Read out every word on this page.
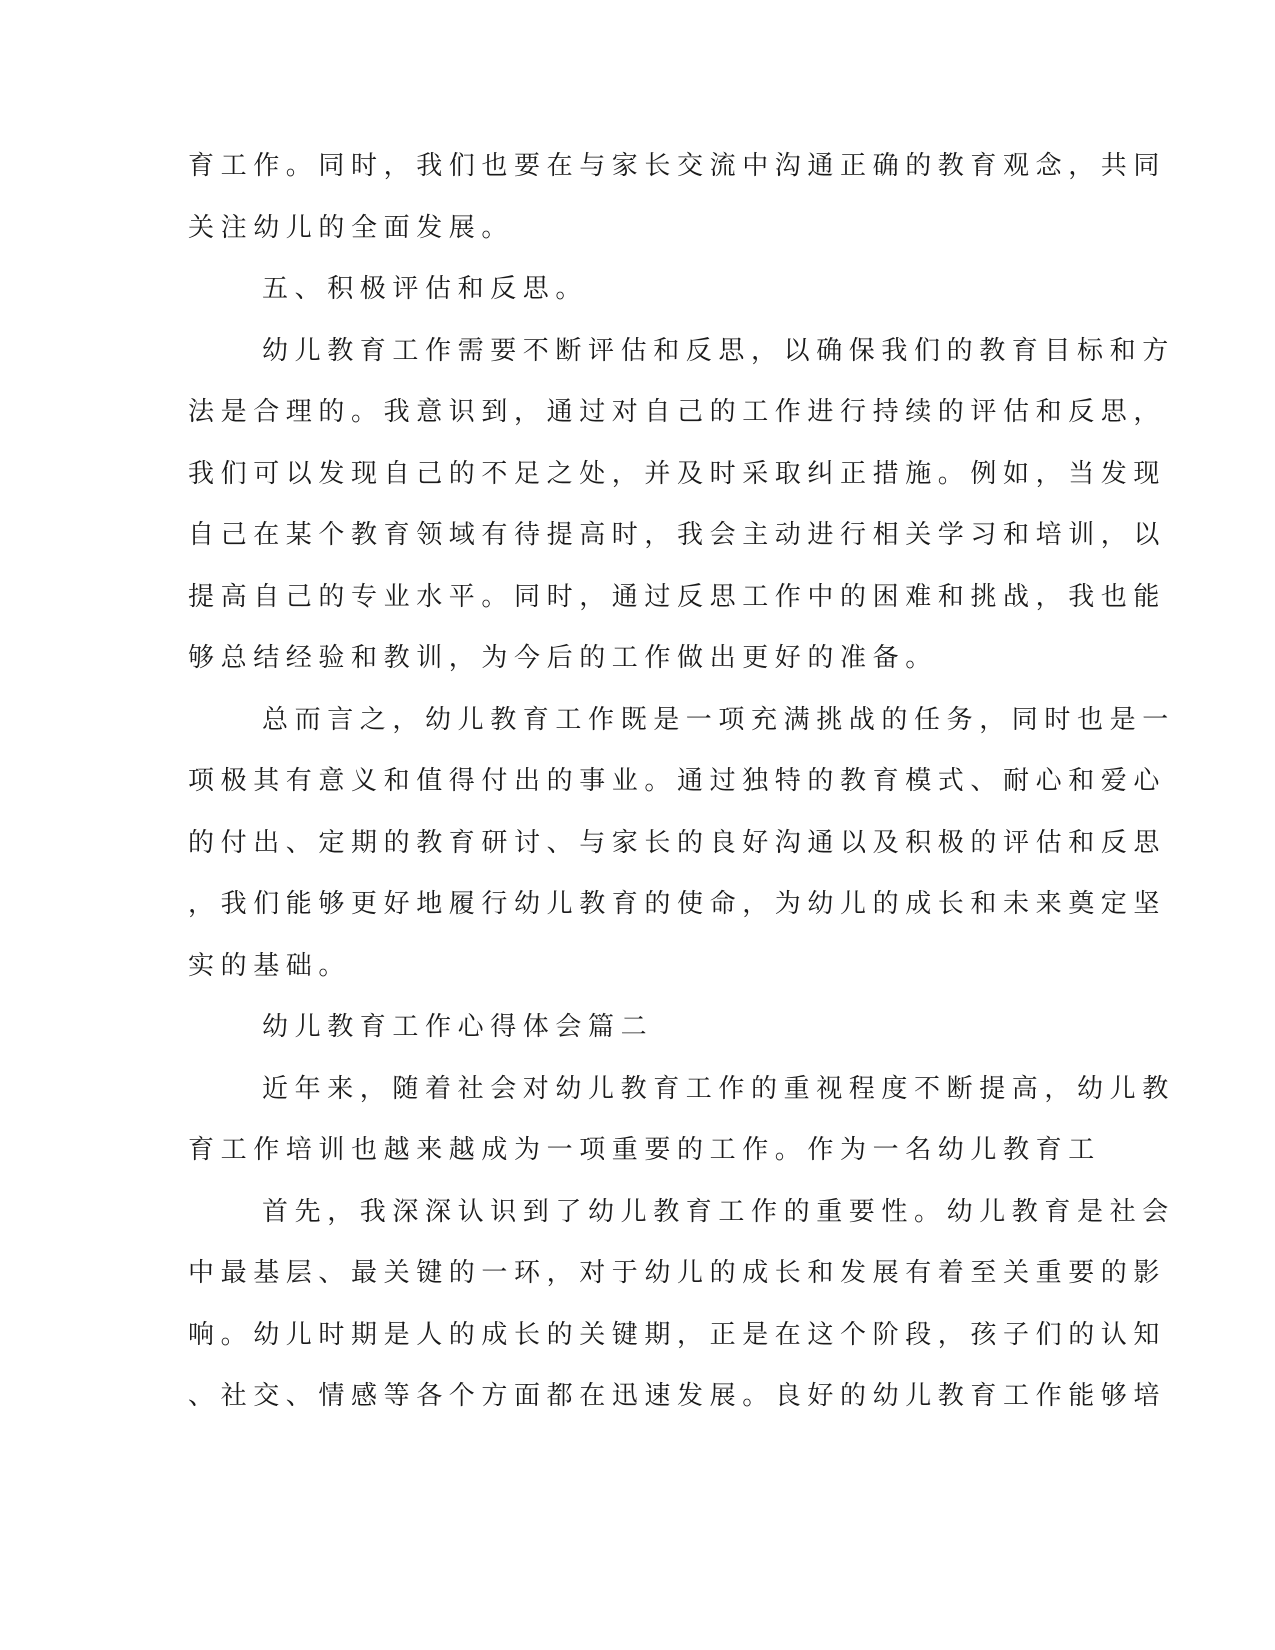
育工作。同时，我们也要在与家长交流中沟通正确的教育观念，共同
关注幼儿的全面发展。
五、积极评估和反思。
幼儿教育工作需要不断评估和反思，以确保我们的教育目标和方
法是合理的。我意识到，通过对自己的工作进行持续的评估和反思，
我们可以发现自己的不足之处，并及时采取纠正措施。例如，当发现
自己在某个教育领域有待提高时，我会主动进行相关学习和培训，以
提高自己的专业水平。同时，通过反思工作中的困难和挑战，我也能
够总结经验和教训，为今后的工作做出更好的准备。
总而言之，幼儿教育工作既是一项充满挑战的任务，同时也是一
项极其有意义和值得付出的事业。通过独特的教育模式、耐心和爱心
的付出、定期的教育研讨、与家长的良好沟通以及积极的评估和反思
，我们能够更好地履行幼儿教育的使命，为幼儿的成长和未来奠定坚
实的基础。
幼儿教育工作心得体会篇二
近年来，随着社会对幼儿教育工作的重视程度不断提高，幼儿教
育工作培训也越来越成为一项重要的工作。作为一名幼儿教育工
首先，我深深认识到了幼儿教育工作的重要性。幼儿教育是社会
中最基层、最关键的一环，对于幼儿的成长和发展有着至关重要的影
响。幼儿时期是人的成长的关键期，正是在这个阶段，孩子们的认知
、社交、情感等各个方面都在迅速发展。良好的幼儿教育工作能够培
